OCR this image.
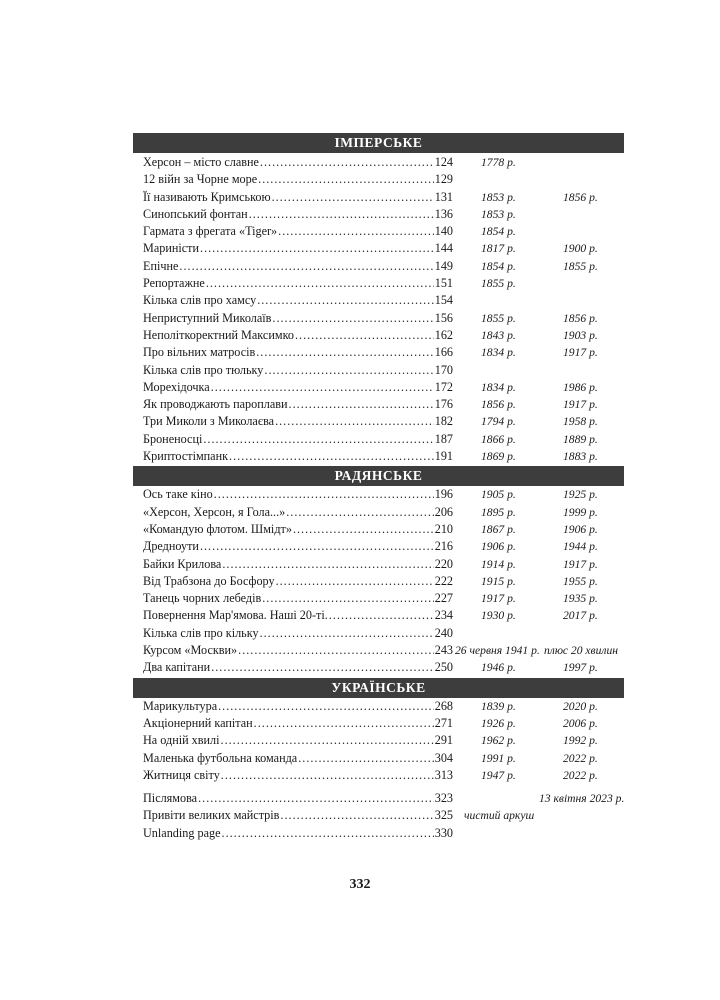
ІМПЕРСЬКЕ
Херсон – місто славне .....	124 1778 р.
12 війн за Чорне море .....	129
Її називають Кримською .....	131 1853 р.	1856 р.
Синопський фонтан .....	136 1853 р.
Гармата з фрегата «Tiger» .....	140 1854 р.
Мариністи .....	144 1817 р.	1900 р.
Епічне .....	149 1854 р.	1855 р.
Репортажне .....	151 1855 р.
Кілька слів про хамсу .....	154
Неприступний Миколаїв .....	156 1855 р.	1856 р.
Неполіткоректний Максимко .....	162 1843 р.	1903 р.
Про вільних матросів .....	166 1834 р.	1917 р.
Кілька слів про тюльку .....	170
Морехідочка .....	172 1834 р.	1986 р.
Як проводжають пароплави .....	176 1856 р.	1917 р.
Три Миколи з Миколаєва .....	182 1794 р.	1958 р.
Броненосці .....	187 1866 р.	1889 р.
Криптостімпанк .....	191 1869 р.	1883 р.
РАДЯНСЬКЕ
Ось таке кіно .....	196 1905 р.	1925 р.
«Херсон, Херсон, я Гола...» .....	206 1895 р.	1999 р.
«Командую флотом. Шмідт» .....	210 1867 р.	1906 р.
Дредноути .....	216 1906 р.	1944 р.
Байки Крилова .....	220 1914 р.	1917 р.
Від Трабзона до Босфору .....	222 1915 р.	1955 р.
Танець чорних лебедів .....	227 1917 р.	1935 р.
Повернення Мар'ямова. Наші 20-ті. .....	234 1930 р.	2017 р.
Кілька слів про кільку .....	240
Курсом «Москви» .....	243 26 червня 1941 р. плюс 20 хвилин
Два капітани .....	250 1946 р.	1997 р.
УКРАЇНСЬКЕ
Марикультура .....	268 1839 р.	2020 р.
Акціонерний капітан .....	271 1926 р.	2006 р.
На одній хвилі .....	291 1962 р.	1992 р.
Маленька футбольна команда .....	304 1991 р.	2022 р.
Житниця світу .....	313 1947 р.	2022 р.
Післямова .....	323	13 квітня 2023 р.
Привіти великих майстрів .....	325 чистий аркуш
Unlanding page .....	330
332
